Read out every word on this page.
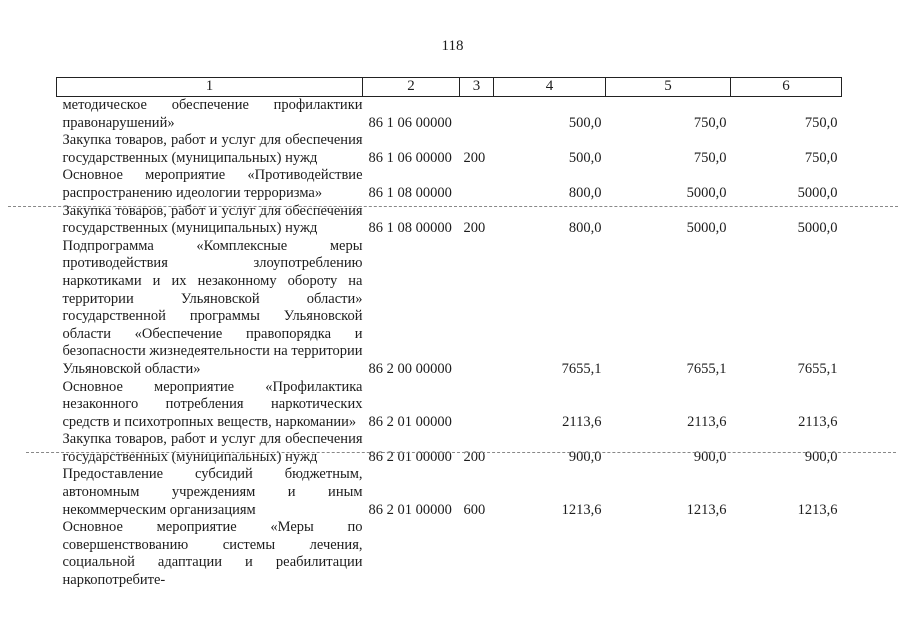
118
1	2	3	4	5	6
методическое обеспечение профилактики правонарушений»	86 1 06 00000		500,0	750,0	750,0
Закупка товаров, работ и услуг для обеспечения государственных (муниципальных) нужд	86 1 06 00000	200	500,0	750,0	750,0
Основное мероприятие «Противодействие распространению идеологии терроризма»	86 1 08 00000		800,0	5000,0	5000,0
Закупка товаров, работ и услуг для обеспечения государственных (муниципальных) нужд	86 1 08 00000	200	800,0	5000,0	5000,0
Подпрограмма «Комплексные меры противодействия злоупотреблению наркотиками и их незаконному обороту на территории Ульяновской области» государственной программы Ульяновской области «Обеспечение правопорядка и безопасности жизнедеятельности на территории Ульяновской области»	86 2 00 00000		7655,1	7655,1	7655,1
Основное мероприятие «Профилактика незаконного потребления наркотических средств и психотропных веществ, наркомании»	86 2 01 00000		2113,6	2113,6	2113,6
Закупка товаров, работ и услуг для обеспечения государственных (муниципальных) нужд	86 2 01 00000	200	900,0	900,0	900,0
Предоставление субсидий бюджетным, автономным учреждениям и иным некоммерческим организациям	86 2 01 00000	600	1213,6	1213,6	1213,6
Основное мероприятие «Меры по совершенствованию системы лечения, социальной адаптации и реабилитации наркопотребите-					
